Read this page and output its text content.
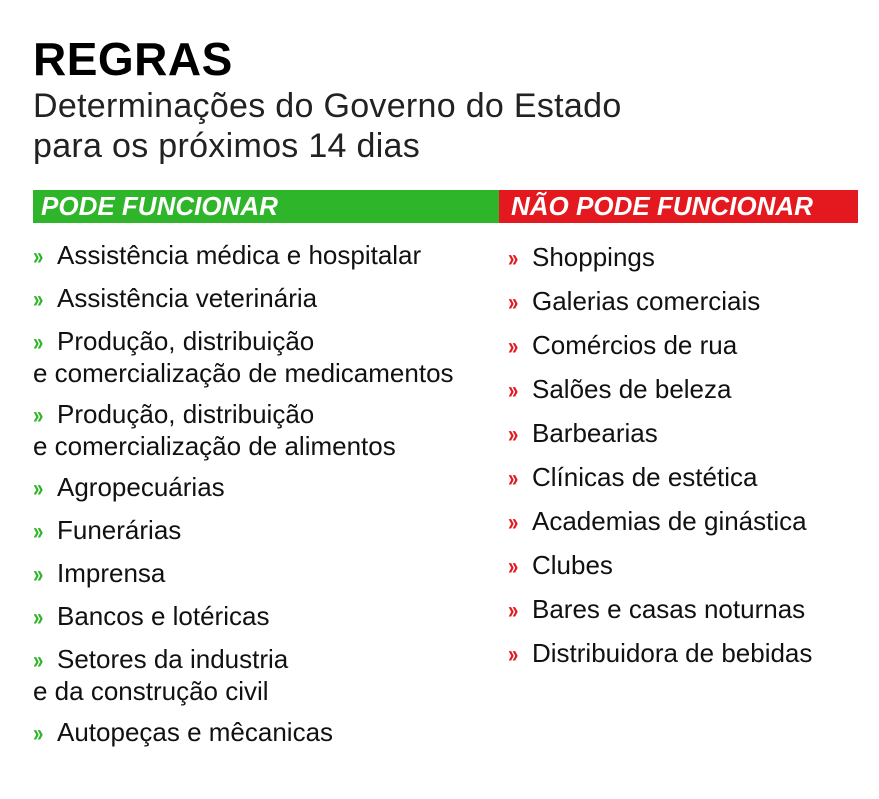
REGRAS
Determinações do Governo do Estado
para os próximos 14 dias
PODE FUNCIONAR	NÃO PODE FUNCIONAR
›› Assistência médica e hospitalar
›› Assistência veterinária
›› Produção, distribuição
e comercialização de medicamentos
›› Produção, distribuição
e comercialização de alimentos
›› Agropecuárias
›› Funerárias
›› Imprensa
›› Bancos e lotéricas
›› Setores da industria
e da construção civil
›› Autopeças e mêcanicas
›› Shoppings
›› Galerias comerciais
›› Comércios de rua
›› Salões de beleza
›› Barbearias
›› Clínicas de estética
›› Academias de ginástica
›› Clubes
›› Bares e casas noturnas
›› Distribuidora de bebidas
